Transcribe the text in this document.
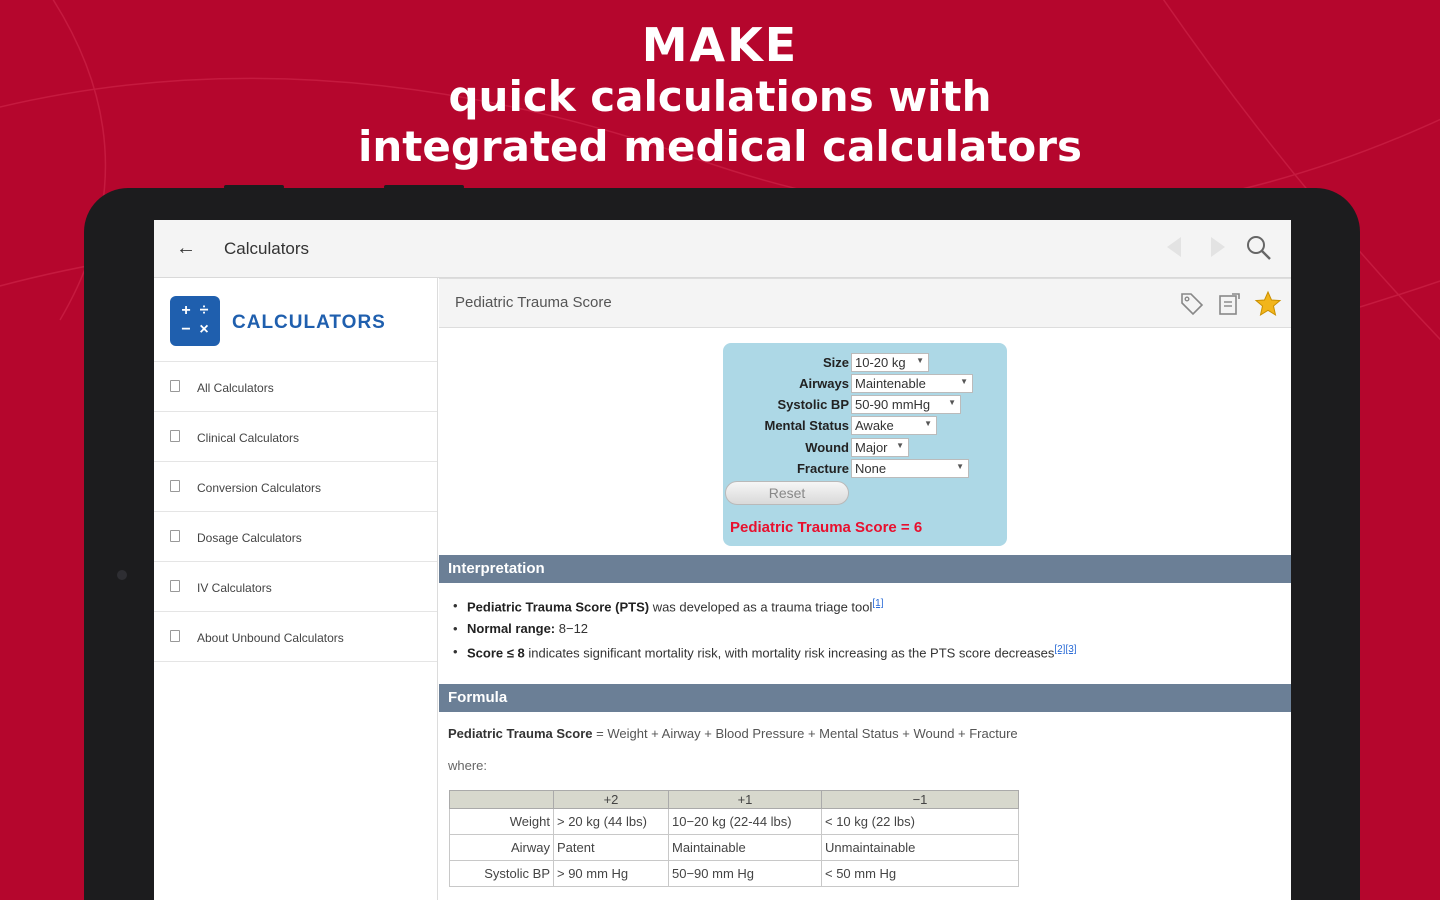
MAKE
quick calculations with
integrated medical calculators
← Calculators
+ ÷
− × CALCULATORS
All Calculators
Clinical Calculators
Conversion Calculators
Dosage Calculators
IV Calculators
About Unbound Calculators
Pediatric Trauma Score
Size 10-20 kg ▼
Airways Maintenable	▼
Systolic BP 50-90 mmHg ▼
Mental Status Awake	▼
Wound Major ▼
Fracture None	▼
Reset
Pediatric Trauma Score = 6
Interpretation
• Pediatric Trauma Score (PTS) was developed as a trauma triage tool[1]
• Normal range: 8−12
• Score ≤ 8 indicates significant mortality risk, with mortality risk increasing as the PTS score decreases[2][3]
Formula
Pediatric Trauma Score = Weight + Airway + Blood Pressure + Mental Status + Wound + Fracture
where:
	+2	+1	−1
Weight	> 20 kg (44 lbs)	10−20 kg (22-44 lbs)	< 10 kg (22 lbs)
Airway	Patent	Maintainable	Unmaintainable
Systolic BP	> 90 mm Hg	50−90 mm Hg	< 50 mm Hg
